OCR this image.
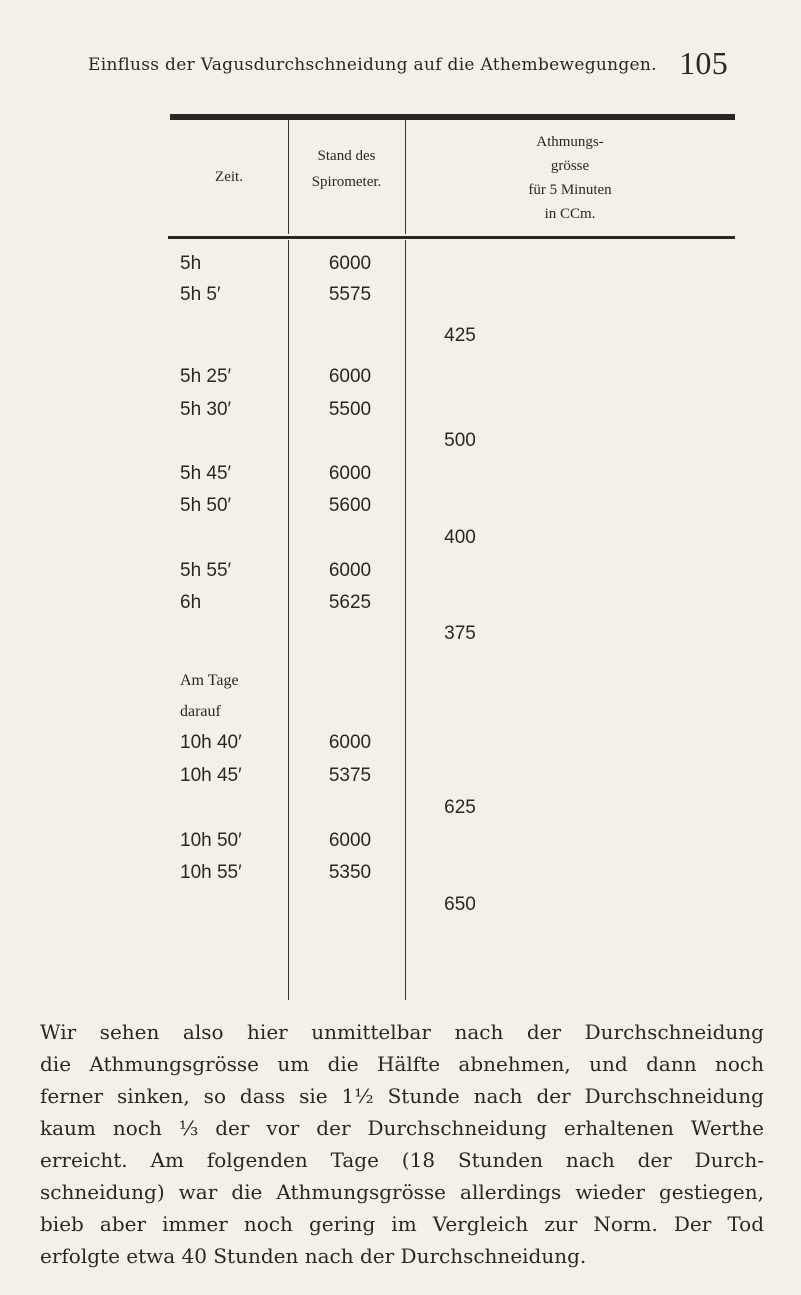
Einfluss der Vagusdurchschneidung auf die Athembewegungen. 105
Zeit.
Stand des
Spirometer.
Athmungs-
grösse
für 5 Minuten
in CCm.
5h
5h 5′
5h 25′
5h 30′
5h 45′
5h 50′
5h 55′
6h
Am Tage
darauf
10h 40′
10h 45′
10h 50′
10h 55′
6000
5575
6000
5500
6000
5600
6000
5625
6000
5375
6000
5350
425
500
400
375
625
650
Wir sehen also hier unmittelbar nach der Durchschneidung
die Athmungsgrösse um die Hälfte abnehmen, und dann noch
ferner sinken, so dass sie 1½ Stunde nach der Durchschneidung
kaum noch ⅓ der vor der Durchschneidung erhaltenen Werthe
erreicht. Am folgenden Tage (18 Stunden nach der Durch-
schneidung) war die Athmungsgrösse allerdings wieder gestiegen,
bieb aber immer noch gering im Vergleich zur Norm. Der Tod
erfolgte etwa 40 Stunden nach der Durchschneidung.
